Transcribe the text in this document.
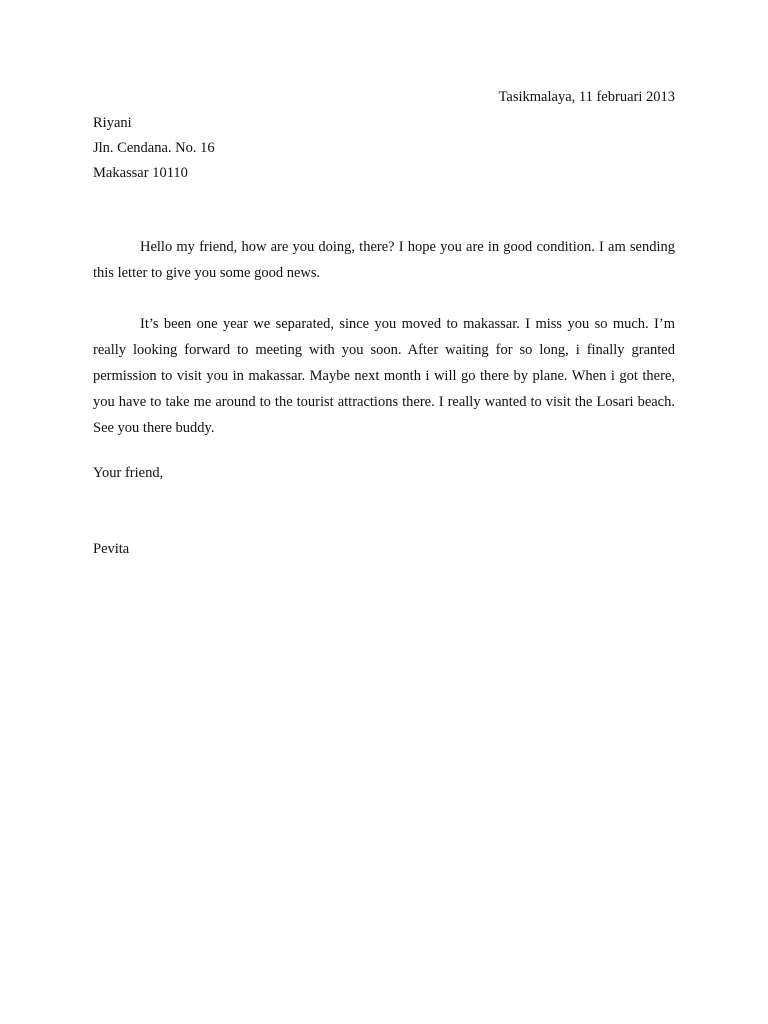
Tasikmalaya, 11 februari 2013
Riyani
Jln. Cendana. No. 16
Makassar 10110

Hello my friend, how are you doing, there? I hope you are in good condition. I am sending this letter to give you some good news.

It’s been one year we separated, since you moved to makassar. I miss you so much. I’m really looking forward to meeting with you soon. After waiting for so long, i finally granted permission to visit you in makassar. Maybe next month i will go there by plane. When i got there, you have to take me around to the tourist attractions there. I really wanted to visit the Losari beach. See you there buddy.

Your friend,
Pevita
